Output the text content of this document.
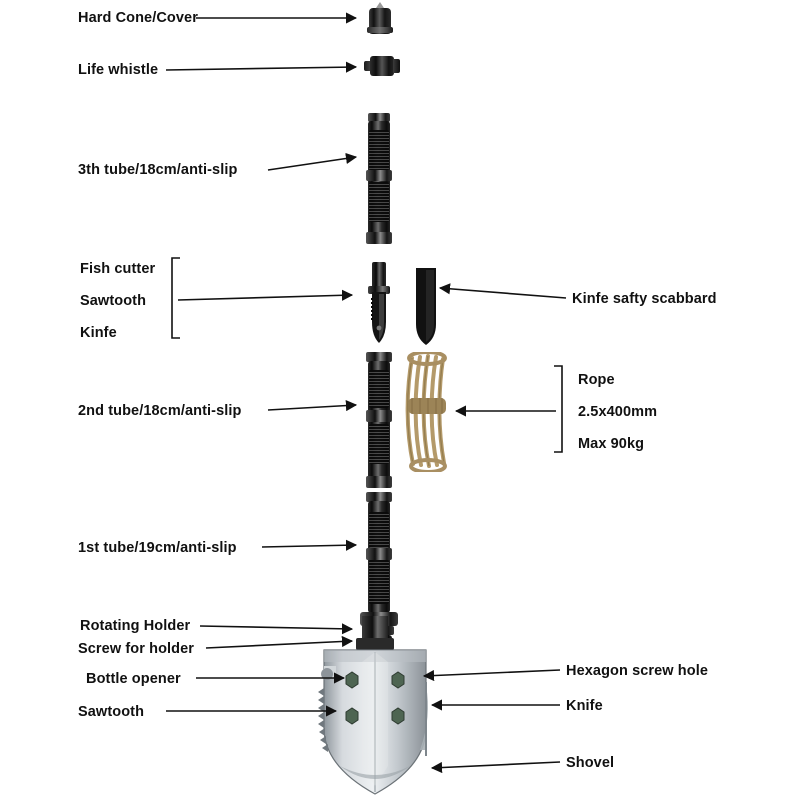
Hard Cone/Cover
Life whistle
3th tube/18cm/anti-slip
Fish cutter
Sawtooth
Kinfe
2nd tube/18cm/anti-slip
1st tube/19cm/anti-slip
Rotating Holder
Screw for holder
Bottle opener
Sawtooth
Kinfe safty scabbard
Rope
2.5x400mm
Max 90kg
Hexagon screw hole
Knife
Shovel
